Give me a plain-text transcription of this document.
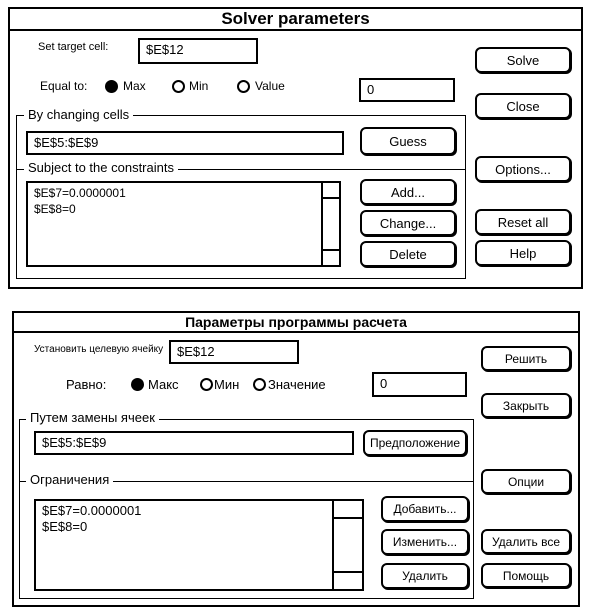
Solver parameters
Set target cell:	$E$12
Equal to:	Max	Min	Value	0
By changing cells
$E$5:$E$9	Guess
Subject to the constraints
$E$7=0.0000001
$E$8=0
Add...
Change...
Delete
Solve
Close
Options...
Reset all
Help
Параметры программы расчета
Установить целевую ячейку	$E$12
Равно:	Макс	Мин Значение	0
Путем замены ячеек
$E$5:$E$9	Предположение
Ограничения
$E$7=0.0000001
$E$8=0
Добавить...
Изменить...
Удалить
Решить
Закрыть
Опции
Удалить все
Помощь
